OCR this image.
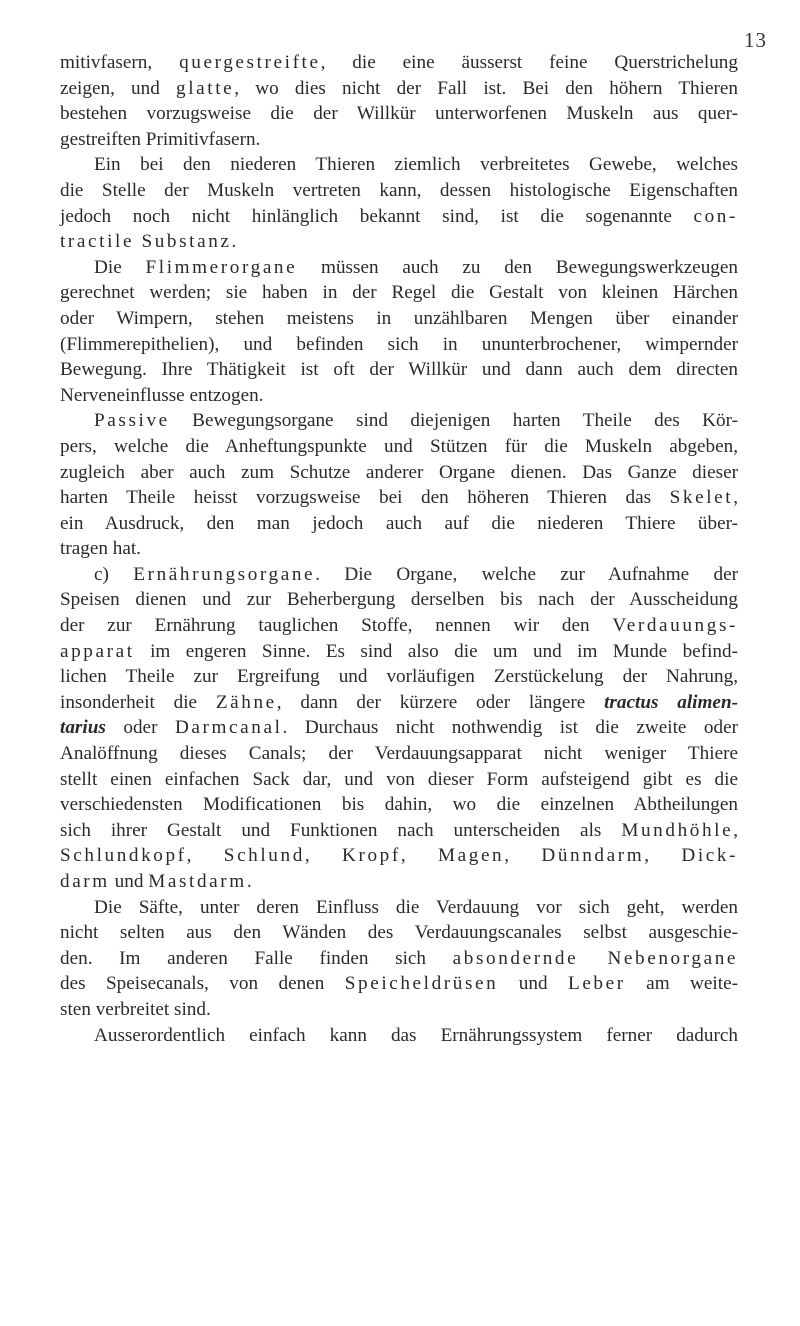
13
mitivfasern, quergestreifte, die eine äusserst feine Querstrichelung
zeigen, und glatte, wo dies nicht der Fall ist. Bei den höhern Thieren
bestehen vorzugsweise die der Willkür unterworfenen Muskeln aus quer-
gestreiften Primitivfasern.
Ein bei den niederen Thieren ziemlich verbreitetes Gewebe, welches
die Stelle der Muskeln vertreten kann, dessen histologische Eigenschaften
jedoch noch nicht hinlänglich bekannt sind, ist die sogenannte con-
tractile Substanz.
Die Flimmerorgane müssen auch zu den Bewegungswerkzeugen
gerechnet werden; sie haben in der Regel die Gestalt von kleinen Härchen
oder Wimpern, stehen meistens in unzählbaren Mengen über einander
(Flimmerepithelien), und befinden sich in ununterbrochener, wimpernder
Bewegung. Ihre Thätigkeit ist oft der Willkür und dann auch dem directen
Nerveneinflusse entzogen.
Passive Bewegungsorgane sind diejenigen harten Theile des Kör-
pers, welche die Anheftungspunkte und Stützen für die Muskeln abgeben,
zugleich aber auch zum Schutze anderer Organe dienen. Das Ganze dieser
harten Theile heisst vorzugsweise bei den höheren Thieren das Skelet,
ein Ausdruck, den man jedoch auch auf die niederen Thiere über-
tragen hat.
c) Ernährungsorgane. Die Organe, welche zur Aufnahme der
Speisen dienen und zur Beherbergung derselben bis nach der Ausscheidung
der zur Ernährung tauglichen Stoffe, nennen wir den Verdauungs-
apparat im engeren Sinne. Es sind also die um und im Munde befind-
lichen Theile zur Ergreifung und vorläufigen Zerstückelung der Nahrung,
insonderheit die Zähne, dann der kürzere oder längere tractus alimen-
tarius oder Darmcanal. Durchaus nicht nothwendig ist die zweite oder
Analöffnung dieses Canals; der Verdauungsapparat nicht weniger Thiere
stellt einen einfachen Sack dar, und von dieser Form aufsteigend gibt es die
verschiedensten Modificationen bis dahin, wo die einzelnen Abtheilungen
sich ihrer Gestalt und Funktionen nach unterscheiden als Mundhöhle,
Schlundkopf, Schlund, Kropf, Magen, Dünndarm, Dick-
darm und Mastdarm.
Die Säfte, unter deren Einfluss die Verdauung vor sich geht, werden
nicht selten aus den Wänden des Verdauungscanales selbst ausgeschie-
den. Im anderen Falle finden sich absondernde Nebenorgane
des Speisecanals, von denen Speicheldrüsen und Leber am weite-
sten verbreitet sind.
Ausserordentlich einfach kann das Ernährungssystem ferner dadurch
